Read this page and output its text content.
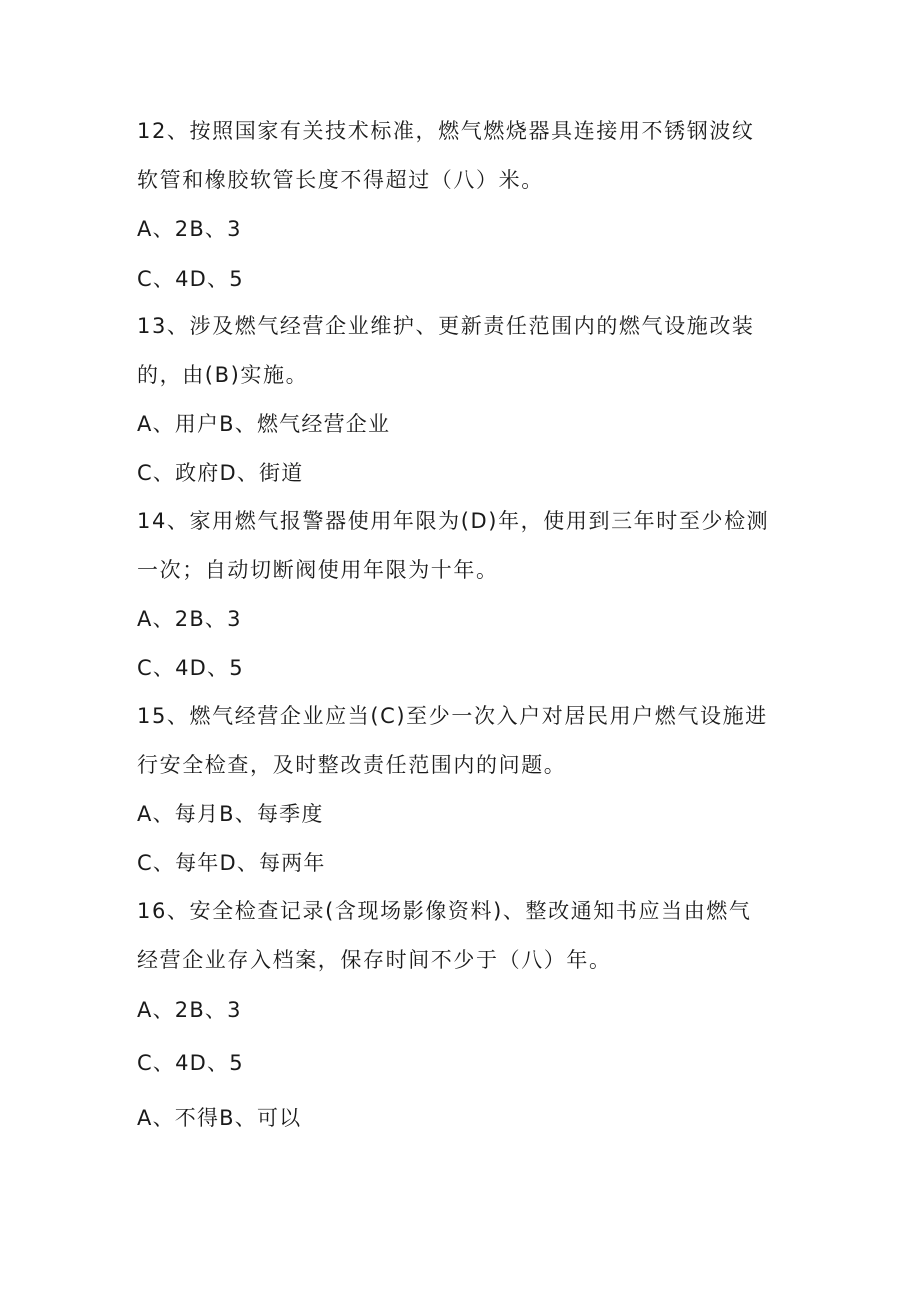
12、按照国家有关技术标准，燃气燃烧器具连接用不锈钢波纹
软管和橡胶软管长度不得超过（八）米。
A、2B、3
C、4D、5
13、涉及燃气经营企业维护、更新责任范围内的燃气设施改装
的，由(B)实施。
A、用户B、燃气经营企业
C、政府D、街道
14、家用燃气报警器使用年限为(D)年，使用到三年时至少检测
一次；自动切断阀使用年限为十年。
A、2B、3
C、4D、5
15、燃气经营企业应当(C)至少一次入户对居民用户燃气设施进
行安全检查，及时整改责任范围内的问题。
A、每月B、每季度
C、每年D、每两年
16、安全检查记录(含现场影像资料)、整改通知书应当由燃气
经营企业存入档案，保存时间不少于（八）年。
A、2B、3
C、4D、5
A、不得B、可以
